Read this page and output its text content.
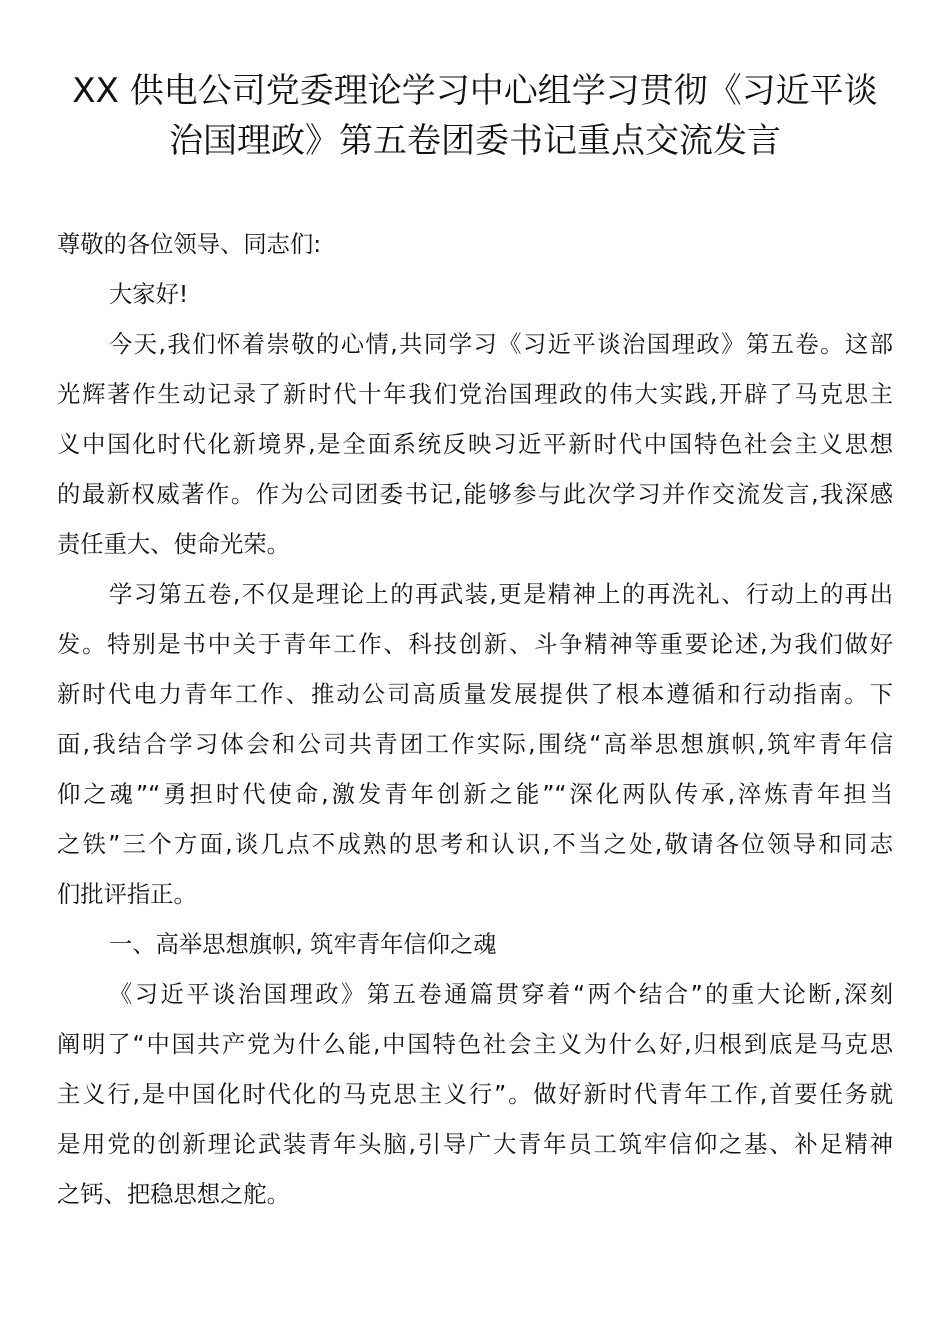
XX 供电公司党委理论学习中心组学习贯彻《习近平谈
治国理政》第五卷团委书记重点交流发言
尊敬的各位领导、同志们:
大家好!
今天,我们怀着崇敬的心情,共同学习《习近平谈治国理政》第五卷。这部
光辉著作生动记录了新时代十年我们党治国理政的伟大实践,开辟了马克思主
义中国化时代化新境界,是全面系统反映习近平新时代中国特色社会主义思想
的最新权威著作。作为公司团委书记,能够参与此次学习并作交流发言,我深感
责任重大、使命光荣。
学习第五卷,不仅是理论上的再武装,更是精神上的再洗礼、行动上的再出
发。特别是书中关于青年工作、科技创新、斗争精神等重要论述,为我们做好
新时代电力青年工作、推动公司高质量发展提供了根本遵循和行动指南。下
面,我结合学习体会和公司共青团工作实际,围绕“高举思想旗帜,筑牢青年信
仰之魂”“勇担时代使命,激发青年创新之能”“深化两队传承,淬炼青年担当
之铁”三个方面,谈几点不成熟的思考和认识,不当之处,敬请各位领导和同志
们批评指正。
一、高举思想旗帜, 筑牢青年信仰之魂
《习近平谈治国理政》第五卷通篇贯穿着“两个结合”的重大论断,深刻
阐明了“中国共产党为什么能,中国特色社会主义为什么好,归根到底是马克思
主义行,是中国化时代化的马克思主义行”。做好新时代青年工作,首要任务就
是用党的创新理论武装青年头脑,引导广大青年员工筑牢信仰之基、补足精神
之钙、把稳思想之舵。
